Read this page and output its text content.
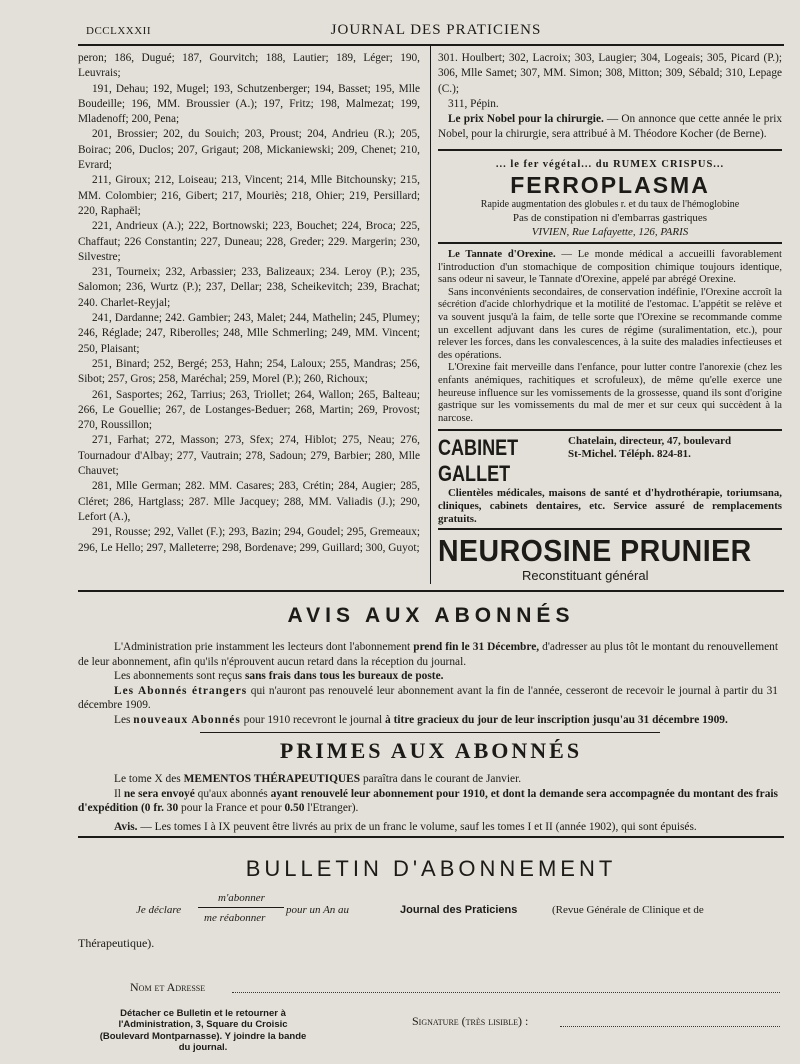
DCCLXXXII	JOURNAL DES PRATICIENS

peron; 186, Dugué; 187, Gourvitch; 188, Lautier; 189, Léger; 190, Leuvrais;

191, Dehau; 192, Mugel; 193, Schutzenberger; 194, Basset; 195, Mlle Boudeille; 196, MM. Broussier (A.); 197, Fritz; 198, Malmezat; 199, Mladenoff; 200, Pena;

201, Brossier; 202, du Souich; 203, Proust; 204, Andrieu (R.); 205, Boirac; 206, Duclos; 207, Grigaut; 208, Mickaniewski; 209, Chenet; 210, Evrard;

211, Giroux; 212, Loiseau; 213, Vincent; 214, Mlle Bitchounsky; 215, MM. Colombier; 216, Gibert; 217, Mouriès; 218, Ohier; 219, Persillard; 220, Raphaël;

221, Andrieux (A.); 222, Bortnowski; 223, Bouchet; 224, Broca; 225, Chaffaut; 226 Constantin; 227, Duneau; 228, Greder; 229. Margerin; 230, Silvestre;

231, Tourneix; 232, Arbassier; 233, Balizeaux; 234. Leroy (P.); 235, Salomon; 236, Wurtz (P.); 237, Dellar; 238, Scheikevitch; 239, Brachat; 240. Charlet-Reyjal;

241, Dardanne; 242. Gambier; 243, Malet; 244, Mathelin; 245, Plumey; 246, Réglade; 247, Riberolles; 248, Mlle Schmerling; 249, MM. Vincent; 250, Plaisant;

251, Binard; 252, Bergé; 253, Hahn; 254, Laloux; 255, Mandras; 256, Sibot; 257, Gros; 258, Maréchal; 259, Morel (P.); 260, Richoux;

261, Sasportes; 262, Tarrius; 263, Triollet; 264, Wallon; 265, Balteau; 266, Le Gouellie; 267, de Lostanges-Beduer; 268, Martin; 269, Provost; 270, Roussillon;

271, Farhat; 272, Masson; 273, Sfex; 274, Hiblot; 275, Neau; 276, Tournadour d'Albay; 277, Vautrain; 278, Sadoun; 279, Barbier; 280, Mlle Chauvet;

281, Mlle German; 282. MM. Casares; 283, Crétin; 284, Augier; 285, Cléret; 286, Hartglass; 287. Mlle Jacquey; 288, MM. Valiadis (J.); 290, Lefort (A.),

291, Rousse; 292, Vallet (F.); 293, Bazin; 294, Goudel; 295, Gremeaux; 296, Le Hello; 297, Malleterre; 298, Bordenave; 299, Guillard; 300, Guyot;

301. Houlbert; 302, Lacroix; 303, Laugier; 304, Logeais; 305, Picard (P.); 306, Mlle Samet; 307, MM. Simon; 308, Mitton; 309, Sébald; 310, Lepage (C.);

311, Pépin.

Le prix Nobel pour la chirurgie. — On annonce que cette année le prix Nobel, pour la chirurgie, sera attribué à M. Théodore Kocher (de Berne).

... le fer végétal... du RUMEX CRISPUS...
FERROPLASMA
Rapide augmentation des globules r. et du taux de l'hémoglobine
Pas de constipation ni d'embarras gastriques
VIVIEN, Rue Lafayette, 126, PARIS

Le Tannate d'Orexine. — Le monde médical a accueilli favorablement l'introduction d'un stomachique de composition chimique toujours identique, sans odeur ni saveur, le Tannate d'Orexine, appelé par abrégé Orexine.

Sans inconvénients secondaires, de conservation indéfinie, l'Orexine accroît la sécrétion d'acide chlorhydrique et la motilité de l'estomac. L'appétit se relève et va souvent jusqu'à la faim, de telle sorte que l'Orexine se recommande comme un excellent adjuvant dans les cures de régime (suralimentation, etc.), pour relever les forces, dans les convalescences, à la suite des maladies infectieuses et des opérations.

L'Orexine fait merveille dans l'enfance, pour lutter contre l'anorexie (chez les enfants anémiques, rachitiques et scrofuleux), de même qu'elle exerce une heureuse influence sur les vomissements de la grossesse, quand ils sont d'origine gastrique sur les vomissements du mal de mer et sur ceux qui succèdent à la narcose.

CABINET GALLET
Chatelain, directeur, 47, boulevard
St-Michel. Téléph. 824-81.

Clientèles médicales, maisons de santé et d'hydrothérapie, toriumsana, cliniques, cabinets dentaires, etc. Service assuré de remplacements gratuits.

NEUROSINE PRUNIER
Reconstituant général
AVIS AUX ABONNÉS

L'Administration prie instamment les lecteurs dont l'abonnement prend fin le 31 Décembre, d'adresser au plus tôt le montant du renouvellement de leur abonnement, afin qu'ils n'éprouvent aucun retard dans la réception du journal.

Les abonnements sont reçus sans frais dans tous les bureaux de poste.

Les Abonnés étrangers qui n'auront pas renouvelé leur abonnement avant la fin de l'année, cesseront de recevoir le journal à partir du 31 décembre 1909.

Les nouveaux Abonnés pour 1910 recevront le journal à titre gracieux du jour de leur inscription jusqu'au 31 décembre 1909.

PRIMES AUX ABONNÉS

Le tome X des MEMENTOS THÉRAPEUTIQUES paraîtra dans le courant de Janvier.

Il ne sera envoyé qu'aux abonnés ayant renouvelé leur abonnement pour 1910, et dont la demande sera accompagnée du montant des frais d'expédition (0 fr. 30 pour la France et pour 0.50 l'Etranger).

Avis. — Les tomes I à IX peuvent être livrés au prix de un franc le volume, sauf les tomes I et II (année 1902), qui sont épuisés.

BULLETIN D'ABONNEMENT
Je déclare
m'abonner
me réabonner
pour un An au	Journal des Praticiens	(Revue Générale de Clinique et de
Thérapeutique).
Nom et Adresse
Détacher ce Bulletin et le retourner à l'Administration, 3, Square du Croisic (Boulevard Montparnasse). Y joindre la bande du journal.
Signature (très lisible) :
